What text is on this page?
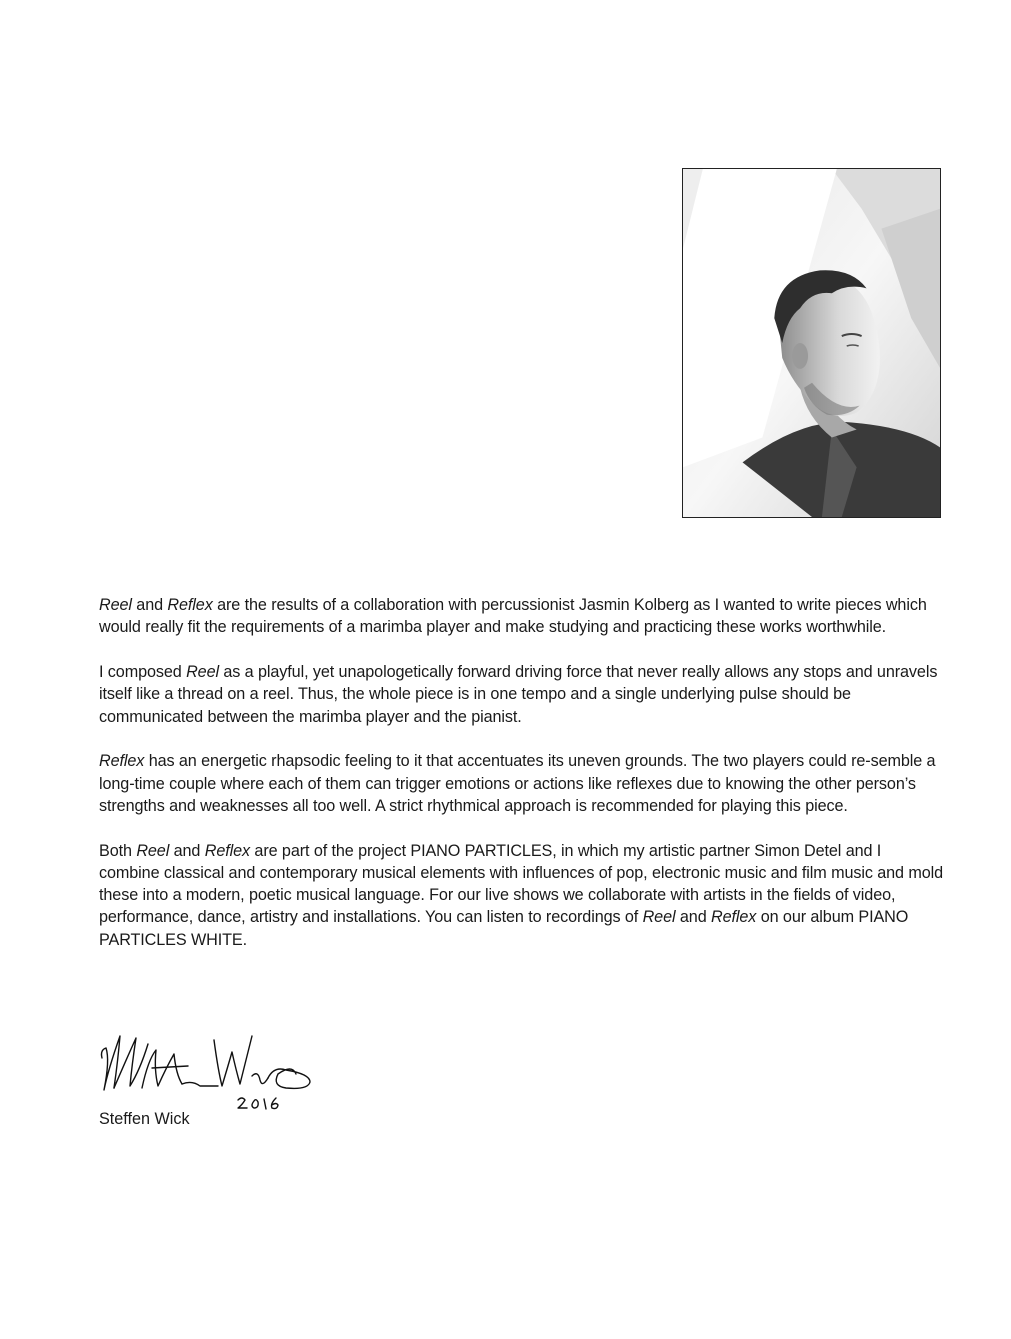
Reel and Reflex are the results of a collaboration with percussionist Jasmin Kolberg as I wanted to write pieces which would really fit the requirements of a marimba player and make studying and practicing these works worthwhile.

I composed Reel as a playful, yet unapologetically forward driving force that never really allows any stops and unravels itself like a thread on a reel. Thus, the whole piece is in one tempo and a single underlying pulse should be communicated between the marimba player and the pianist.

Reflex has an energetic rhapsodic feeling to it that accentuates its uneven grounds. The two players could re-semble a long-time couple where each of them can trigger emotions or actions like reflexes due to knowing the other person’s strengths and weaknesses all too well. A strict rhythmical approach is recommended for playing this piece.

Both Reel and Reflex are part of the project PIANO PARTICLES, in which my artistic partner Simon Detel and I combine classical and contemporary musical elements with influences of pop, electronic music and film music and mold these into a modern, poetic musical language. For our live shows we collaborate with artists in the fields of video, performance, dance, artistry and installations. You can listen to recordings of Reel and Reflex on our album PIANO PARTICLES WHITE.

Steffen Wick
